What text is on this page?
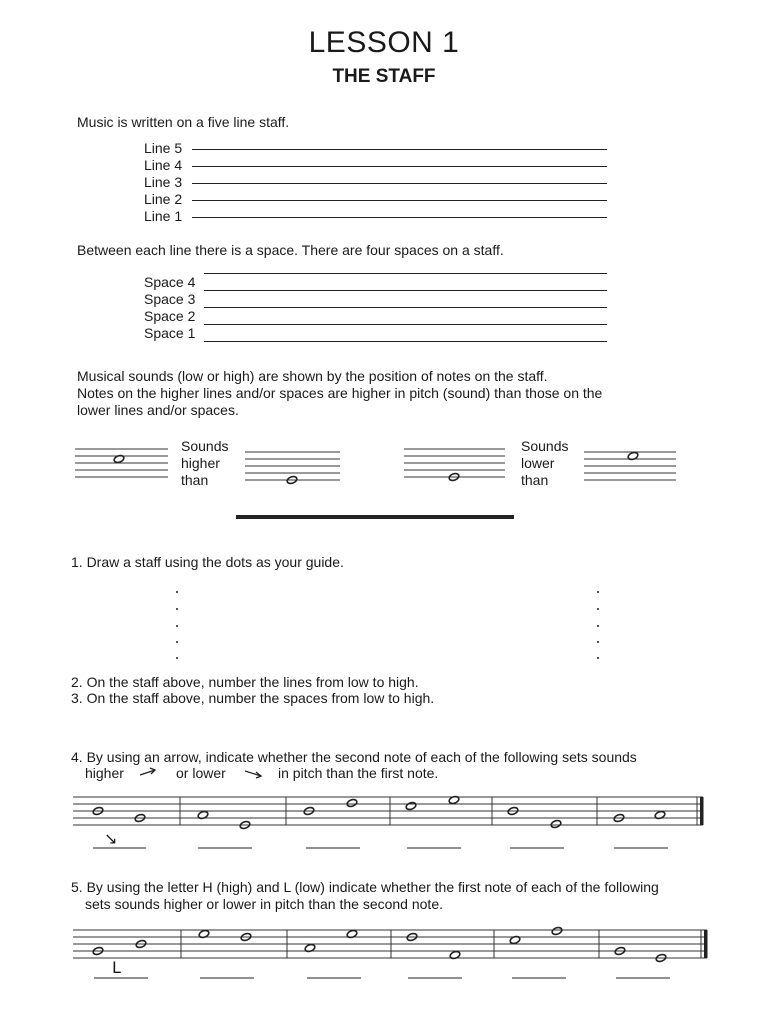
LESSON 1
THE STAFF
Music is written on a five line staff.
Line 5
Line 4
Line 3
Line 2
Line 1
Between each line there is a space. There are four spaces on a staff.
Space 4
Space 3
Space 2
Space 1
Musical sounds (low or high) are shown by the position of notes on the staff.
Notes on the higher lines and/or spaces are higher in pitch (sound) than those on the
lower lines and/or spaces.
Sounds
higher
than
Sounds
lower
than
1. Draw a staff using the dots as your guide.
2. On the staff above, number the lines from low to high.
3. On the staff above, number the spaces from low to high.
4. By using an arrow, indicate whether the second note of each of the following sets sounds
higher	or lower	in pitch than the first note.
↘
5. By using the letter H (high) and L (low) indicate whether the first note of each of the following
sets sounds higher or lower in pitch than the second note.
L
